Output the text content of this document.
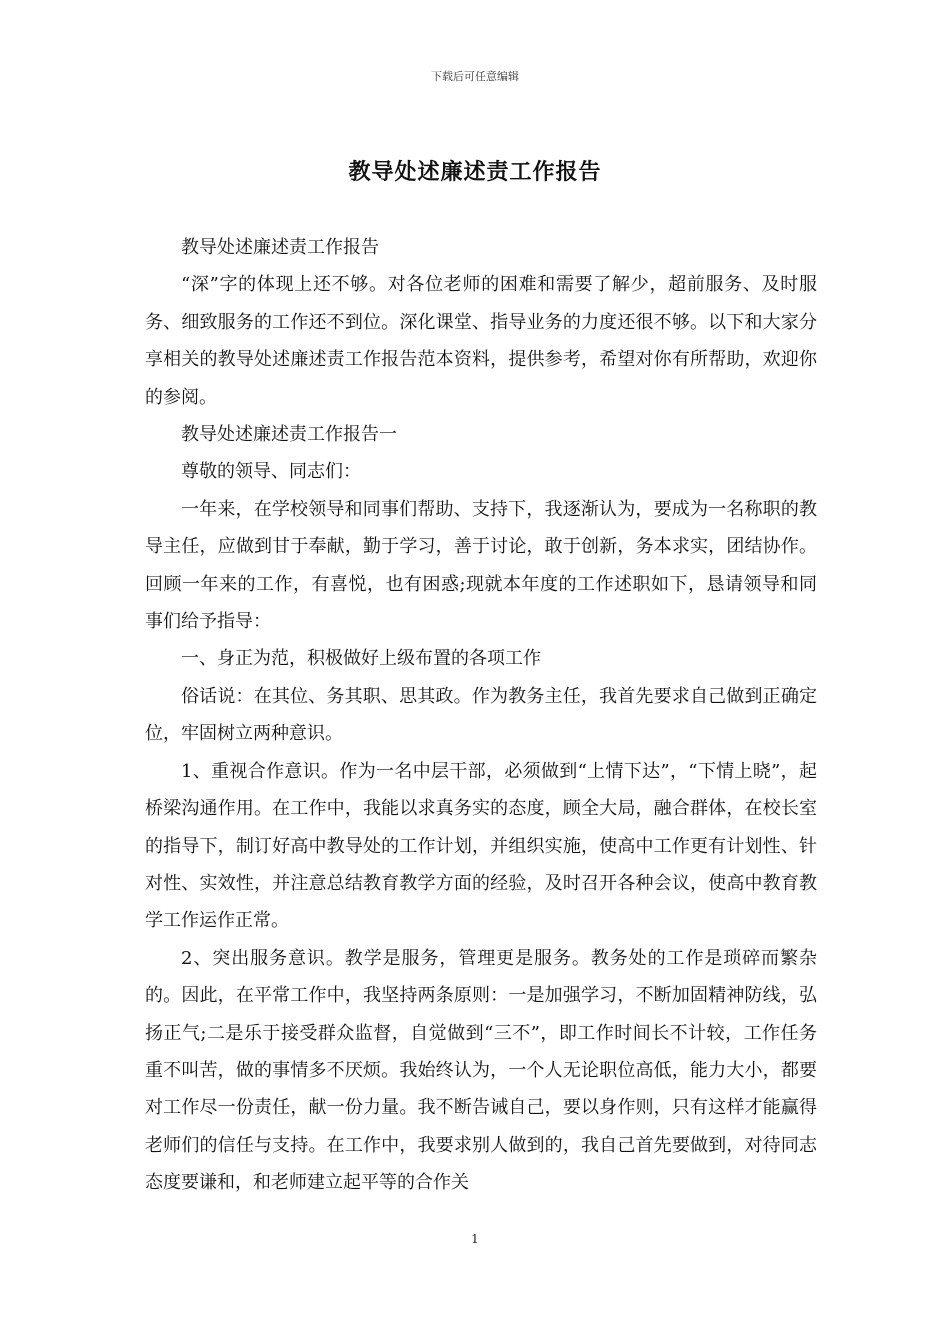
下载后可任意编辑
教导处述廉述责工作报告

教导处述廉述责工作报告

“深”字的体现上还不够。对各位老师的困难和需要了解少，超前服务、及时服务、细致服务的工作还不到位。深化课堂、指导业务的力度还很不够。以下和大家分享相关的教导处述廉述责工作报告范本资料，提供参考，希望对你有所帮助，欢迎你的参阅。

教导处述廉述责工作报告一

尊敬的领导、同志们：

一年来，在学校领导和同事们帮助、支持下，我逐渐认为，要成为一名称职的教导主任，应做到甘于奉献，勤于学习，善于讨论，敢于创新，务本求实，团结协作。回顾一年来的工作，有喜悦，也有困惑;现就本年度的工作述职如下，恳请领导和同事们给予指导：

一、身正为范，积极做好上级布置的各项工作

俗话说：在其位、务其职、思其政。作为教务主任，我首先要求自己做到正确定位，牢固树立两种意识。

1、重视合作意识。作为一名中层干部，必须做到“上情下达”，“下情上晓”，起桥梁沟通作用。在工作中，我能以求真务实的态度，顾全大局，融合群体，在校长室的指导下，制订好高中教导处的工作计划，并组织实施，使高中工作更有计划性、针对性、实效性，并注意总结教育教学方面的经验，及时召开各种会议，使高中教育教学工作运作正常。

2、突出服务意识。教学是服务，管理更是服务。教务处的工作是琐碎而繁杂的。因此，在平常工作中，我坚持两条原则：一是加强学习，不断加固精神防线，弘扬正气;二是乐于接受群众监督，自觉做到“三不”，即工作时间长不计较，工作任务重不叫苦，做的事情多不厌烦。我始终认为，一个人无论职位高低，能力大小，都要对工作尽一份责任，献一份力量。我不断告诫自己，要以身作则，只有这样才能赢得老师们的信任与支持。在工作中，我要求别人做到的，我自己首先要做到，对待同志态度要谦和，和老师建立起平等的合作关

1
